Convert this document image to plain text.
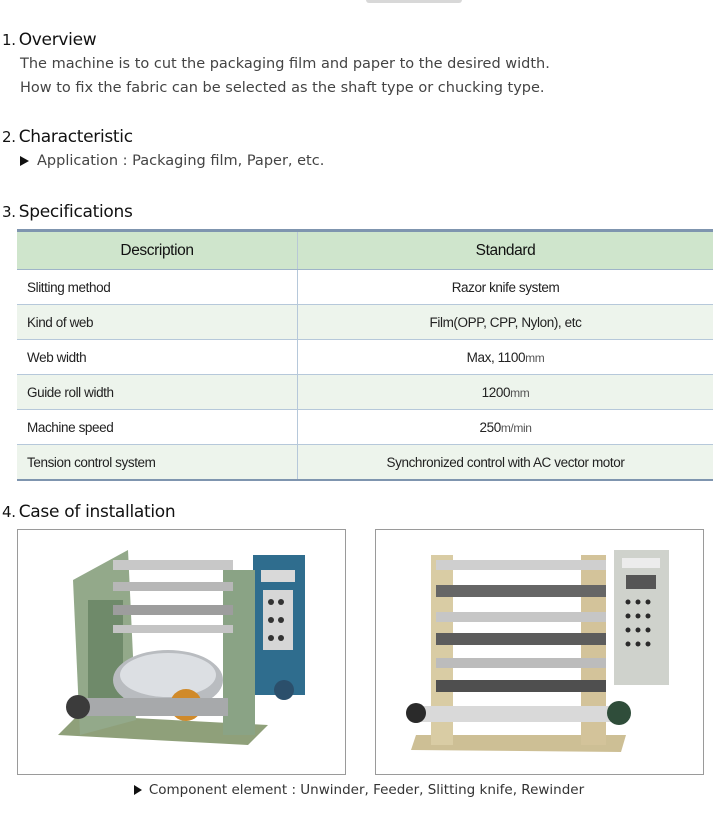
1. Overview
The machine is to cut the packaging film and paper to the desired width.
How to fix the fabric can be selected as the shaft type or chucking type.
2. Characteristic
Application : Packaging film, Paper, etc.
3. Specifications
Description	Standard
Slitting method	Razor knife system
Kind of web	Film(OPP, CPP, Nylon), etc
Web width	Max, 1100mm
Guide roll width	1200mm
Machine speed	250m/min
Tension control system	Synchronized control with AC vector motor
4. Case of installation
Component element : Unwinder, Feeder, Slitting knife, Rewinder
